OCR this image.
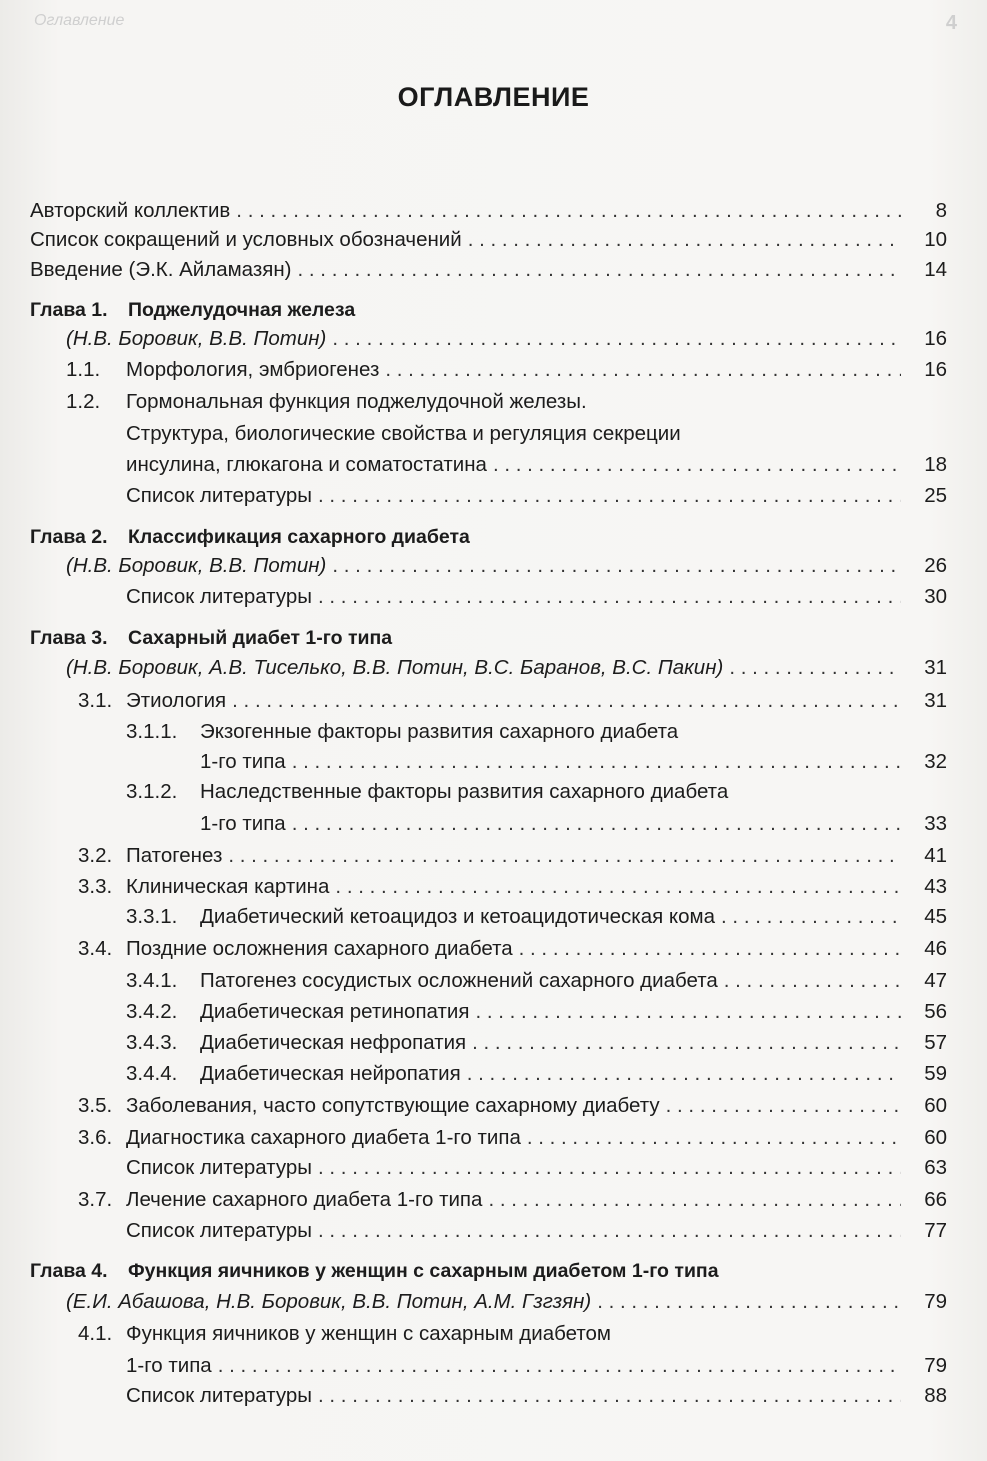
Оглавление	4
ОГЛАВЛЕНИЕ
Авторский коллектив . . .	8
Список сокращений и условных обозначений . . .	10
Введение (Э.К. Айламазян) . . .	14
Глава 1.	Поджелудочная железа
(Н.В. Боровик, В.В. Потин) . . .	16
1.1.	Морфология, эмбриогенез . . .	16
1.2.	Гормональная функция поджелудочной железы.
Структура, биологические свойства и регуляция секреции
инсулина, глюкагона и соматостатина . . .	18
Список литературы . . .	25
Глава 2.	Классификация сахарного диабета
(Н.В. Боровик, В.В. Потин) . . .	26
Список литературы . . .	30
Глава 3.	Сахарный диабет 1-го типа
(Н.В. Боровик, А.В. Тиселько, В.В. Потин, В.С. Баранов, В.С. Пакин) . . .	31
3.1. Этиология . . .	31
3.1.1.	Экзогенные факторы развития сахарного диабета
1-го типа . . .	32
3.1.2.	Наследственные факторы развития сахарного диабета
1-го типа . . .	33
3.2. Патогенез . . .	41
3.3. Клиническая картина . . .	43
3.3.1.	Диабетический кетоацидоз и кетоацидотическая кома . . .	45
3.4. Поздние осложнения сахарного диабета . . .	46
3.4.1.	Патогенез сосудистых осложнений сахарного диабета . . .	47
3.4.2.	Диабетическая ретинопатия . . .	56
3.4.3.	Диабетическая нефропатия . . .	57
3.4.4.	Диабетическая нейропатия . . .	59
3.5. Заболевания, часто сопутствующие сахарному диабету . . .	60
3.6. Диагностика сахарного диабета 1-го типа . . .	60
Список литературы . . .	63
3.7. Лечение сахарного диабета 1-го типа . . .	66
Список литературы . . .	77
Глава 4.	Функция яичников у женщин с сахарным диабетом 1-го типа
(Е.И. Абашова, Н.В. Боровик, В.В. Потин, А.М. Гзгзян) . . .	79
4.1. Функция яичников у женщин с сахарным диабетом
1-го типа . . .	79
Список литературы . . .	88
